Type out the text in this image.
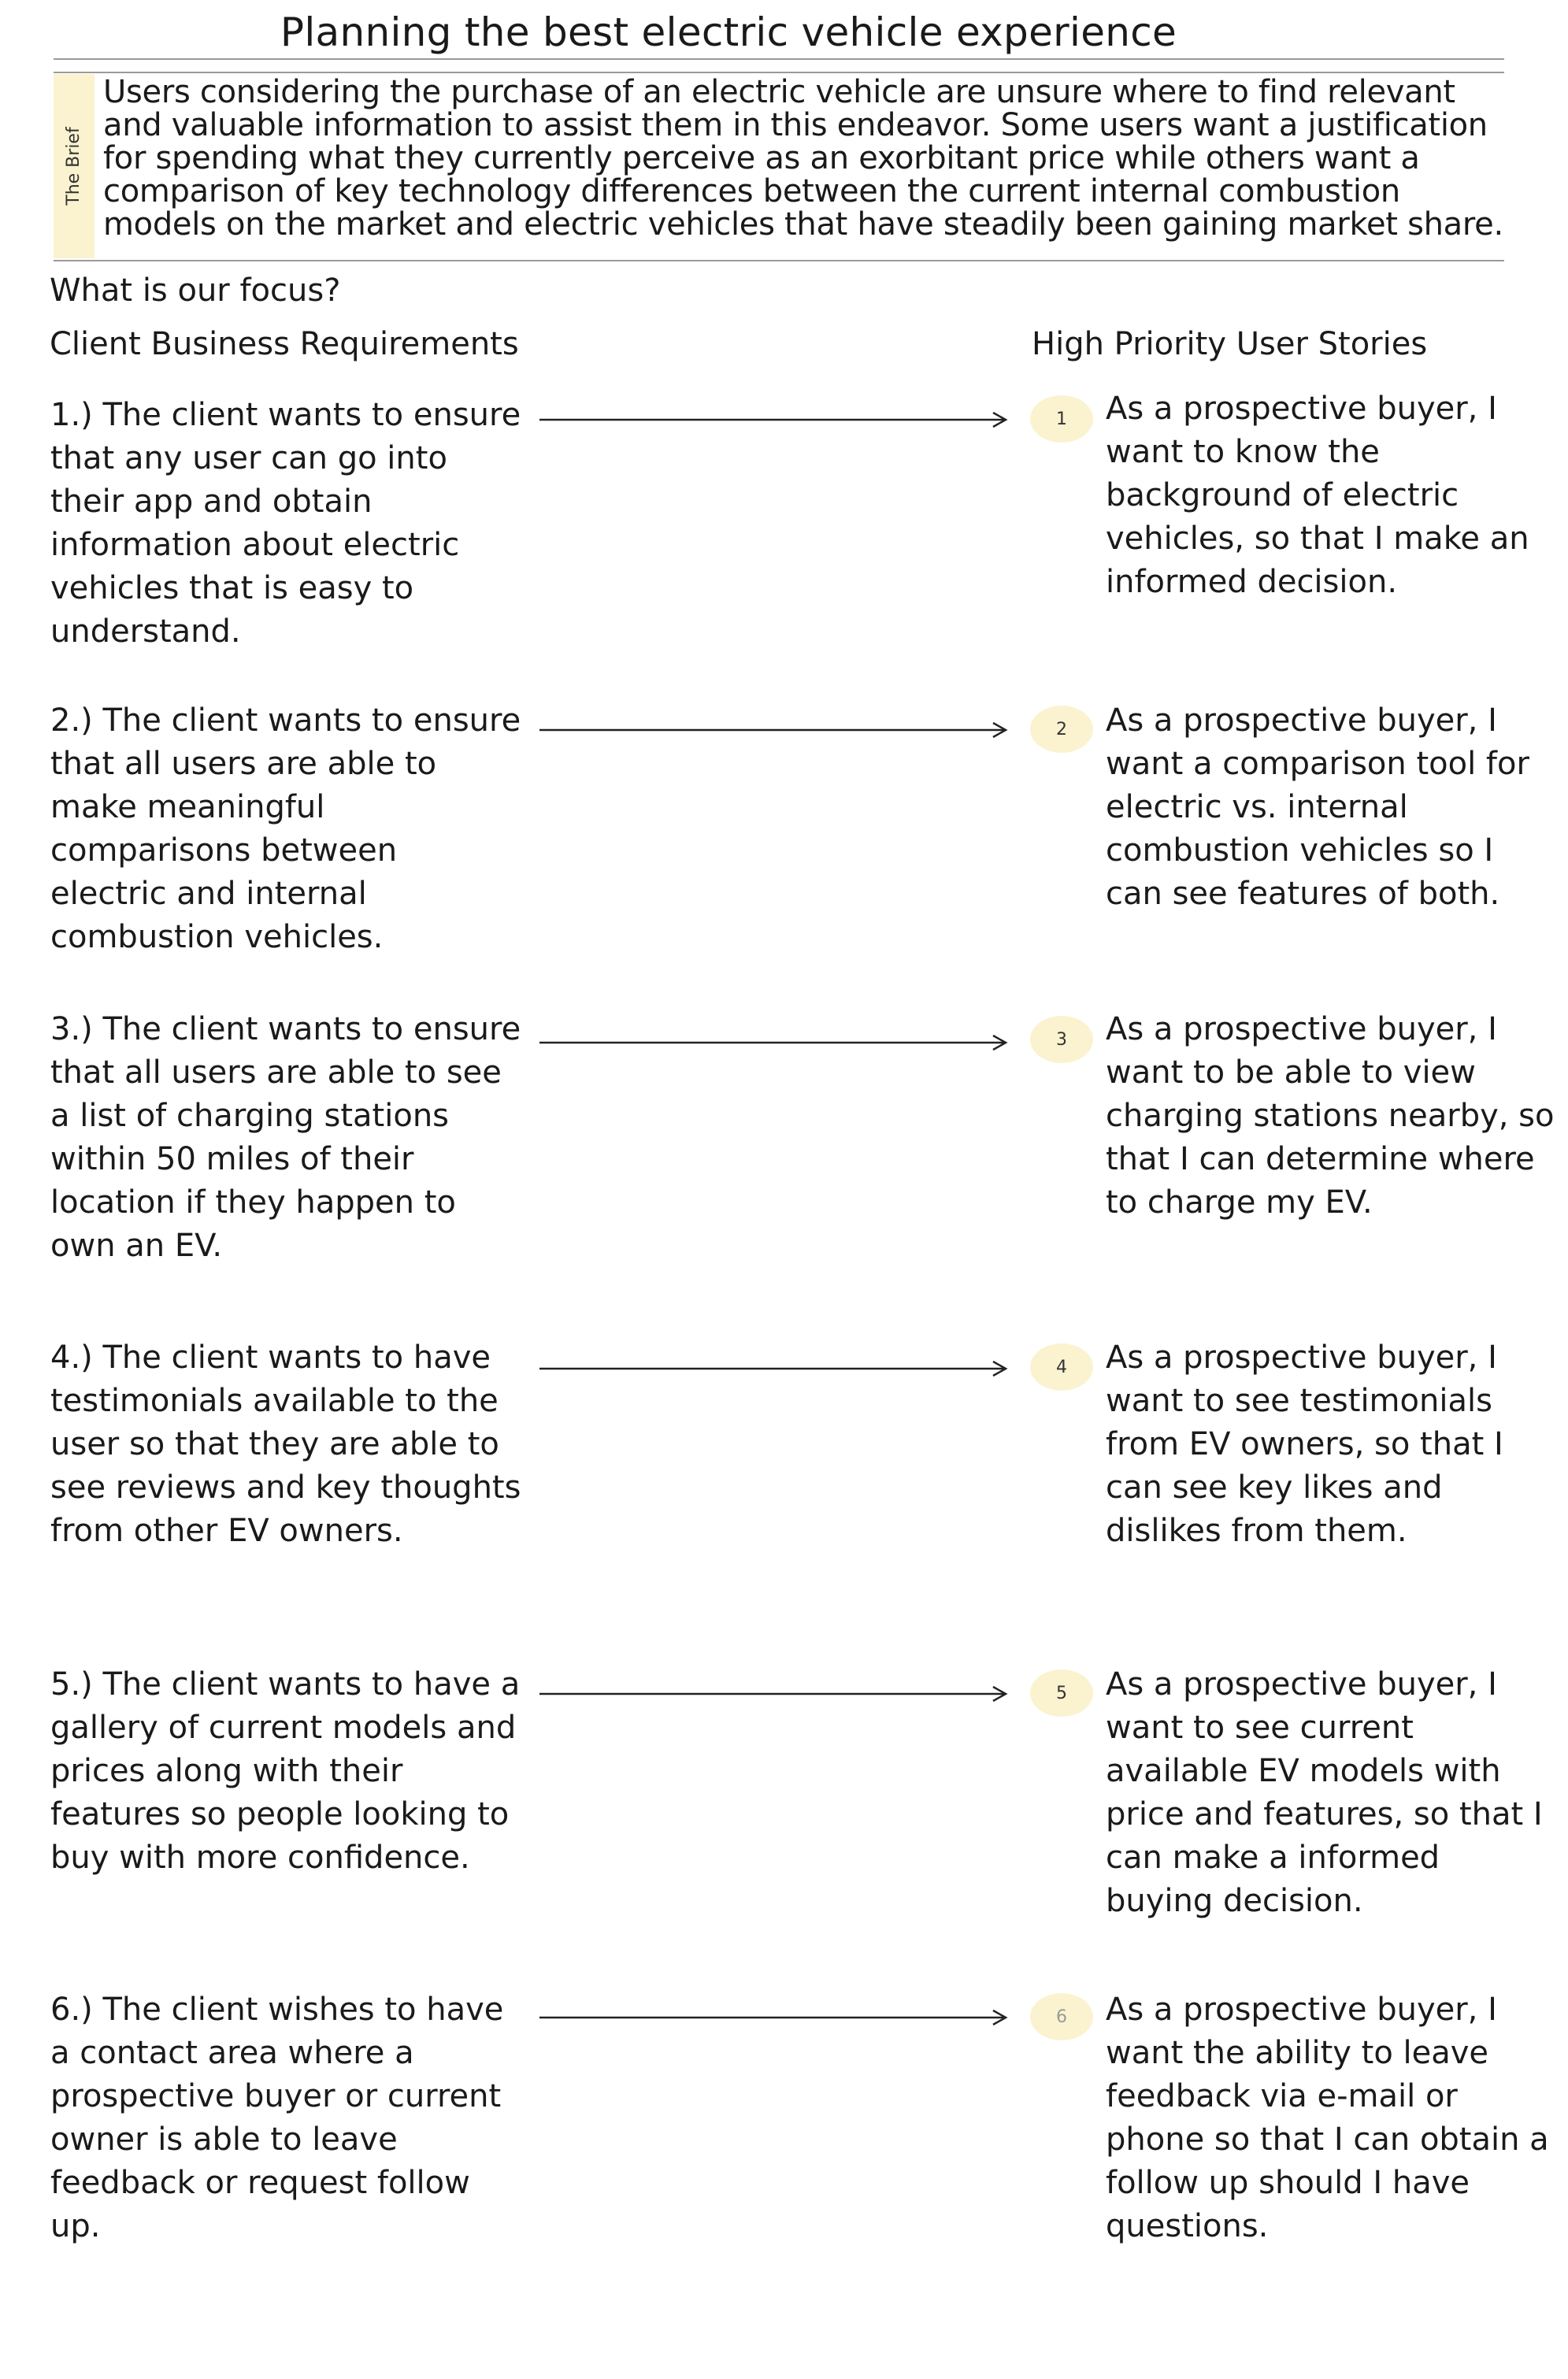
Planning the best electric vehicle experience
The Brief
Users considering the purchase of an electric vehicle are unsure where to find relevant and valuable information to assist them in this endeavor. Some users want a justification for spending what they currently perceive as an exorbitant price while others want a comparison of key technology differences between the current internal combustion models on the market and electric vehicles that have steadily been gaining market share.
What is our focus?
Client Business Requirements	High Priority User Stories
1.) The client wants to ensure that any user can go into their app and obtain information about electric vehicles that is easy to understand.
1	As a prospective buyer, I want to know the background of electric vehicles, so that I make an informed decision.
2.) The client wants to ensure that all users are able to make meaningful comparisons between electric and internal combustion vehicles.
2	As a prospective buyer, I want a comparison tool for electric vs. internal combustion vehicles so I can see features of both.
3.) The client wants to ensure that all users are able to see a list of charging stations within 50 miles of their location if they happen to own an EV.
3	As a prospective buyer, I want to be able to view charging stations nearby, so that I can determine where to charge my EV.
4.) The client wants to have testimonials available to the user so that they are able to see reviews and key thoughts from other EV owners.
4	As a prospective buyer, I want to see testimonials from EV owners, so that I can see key likes and dislikes from them.
5.) The client wants to have a gallery of current models and prices along with their features so people looking to buy with more confidence.
5	As a prospective buyer, I want to see current available EV models with price and features, so that I can make a informed buying decision.
6.) The client wishes to have a contact area where a prospective buyer or current owner is able to leave feedback or request follow up.
6	As a prospective buyer, I want the ability to leave feedback via e-mail or phone so that I can obtain a follow up should I have questions.
